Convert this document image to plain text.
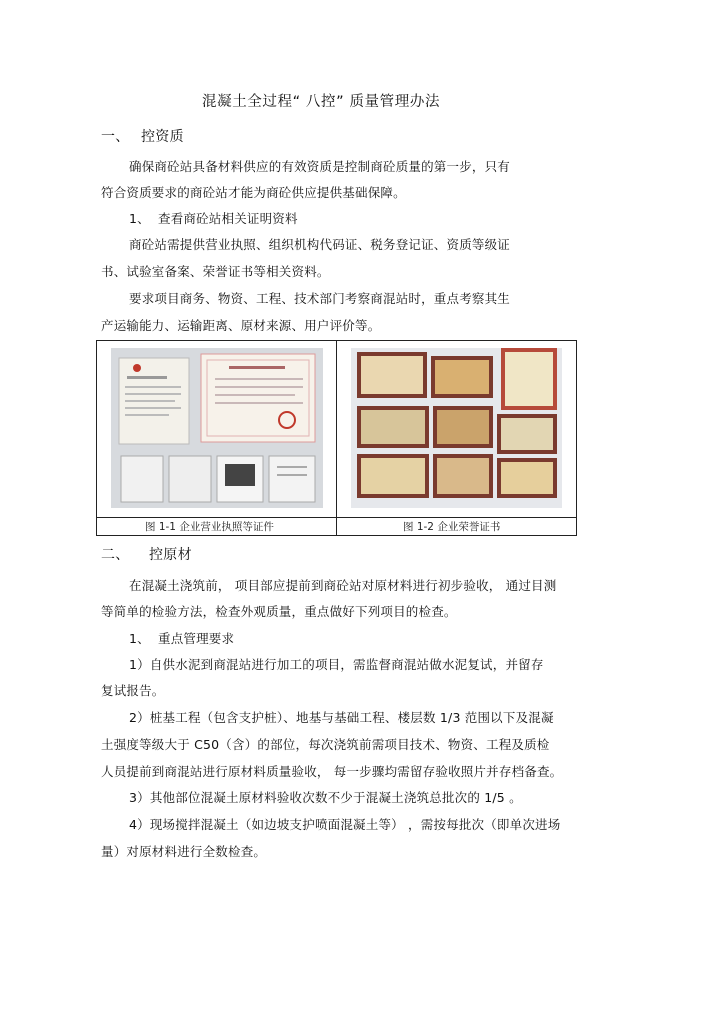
混凝土全过程“ 八控” 质量管理办法
一、 控资质
确保商砼站具备材料供应的有效资质是控制商砼质量的第一步，只有
符合资质要求的商砼站才能为商砼供应提供基础保障。
1、 查看商砼站相关证明资料
商砼站需提供营业执照、组织机构代码证、税务登记证、资质等级证
书、试验室备案、荣誉证书等相关资料。
要求项目商务、物资、工程、技术部门考察商混站时，重点考察其生
产运输能力、运输距离、原材来源、用户评价等。
图 1-1 企业营业执照等证件	图 1-2 企业荣誉证书
二、 控原材
在混凝土浇筑前， 项目部应提前到商砼站对原材料进行初步验收， 通过目测
等简单的检验方法，检查外观质量，重点做好下列项目的检查。
1、 重点管理要求
1）自供水泥到商混站进行加工的项目，需监督商混站做水泥复试，并留存
复试报告。
2）桩基工程（包含支护桩）、地基与基础工程、楼层数 1/3 范围以下及混凝
土强度等级大于 C50（含）的部位，每次浇筑前需项目技术、物资、工程及质检
人员提前到商混站进行原材料质量验收， 每一步骤均需留存验收照片并存档备查。
3）其他部位混凝土原材料验收次数不少于混凝土浇筑总批次的 1/5 。
4）现场搅拌混凝土（如边坡支护喷面混凝土等） ，需按每批次（即单次进场
量）对原材料进行全数检查。
